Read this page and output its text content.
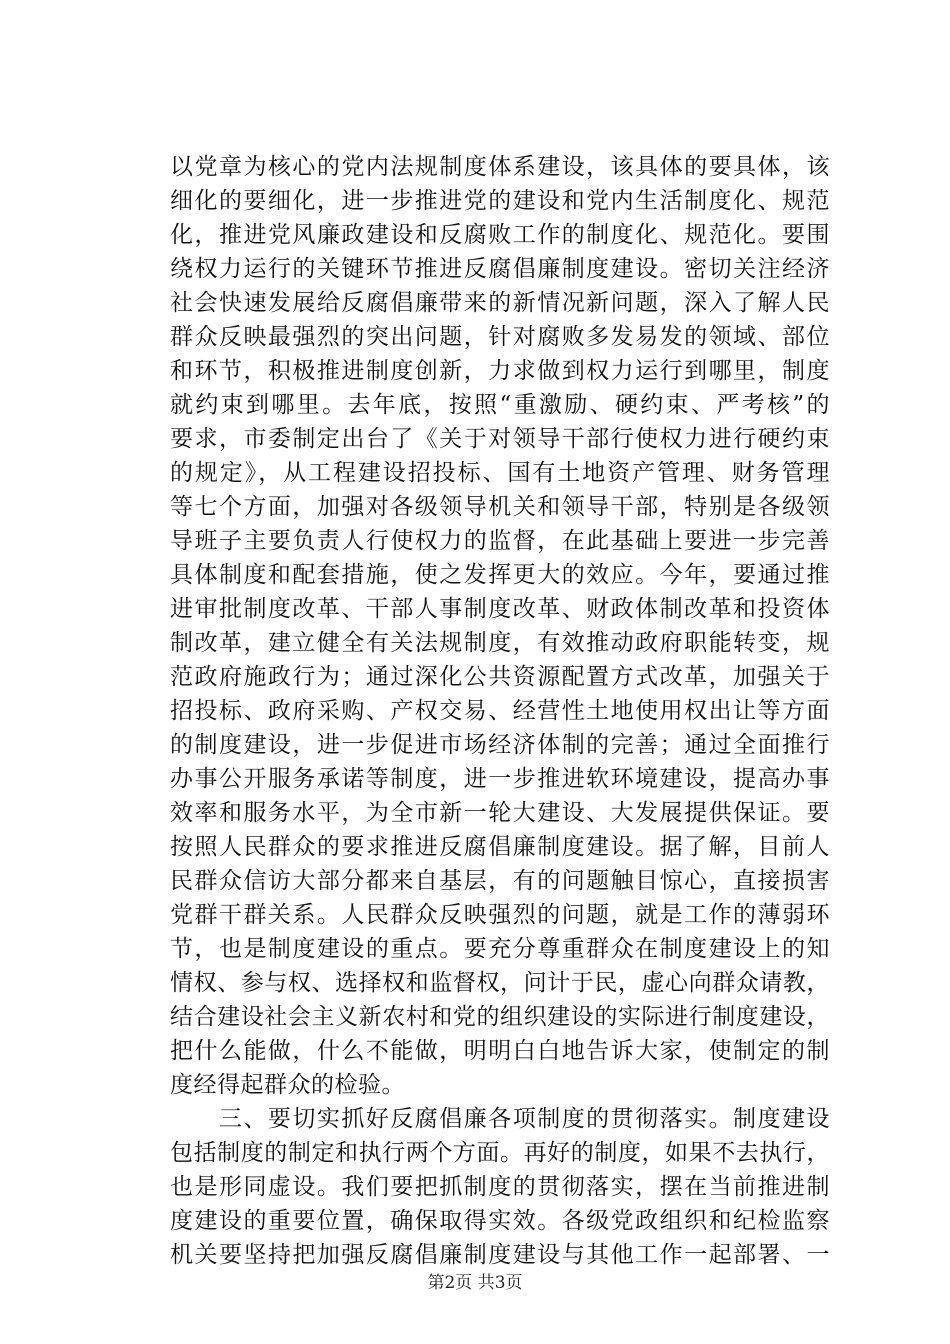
以党章为核心的党内法规制度体系建设，该具体的要具体，该
细化的要细化，进一步推进党的建设和党内生活制度化、规范
化，推进党风廉政建设和反腐败工作的制度化、规范化。要围
绕权力运行的关键环节推进反腐倡廉制度建设。密切关注经济
社会快速发展给反腐倡廉带来的新情况新问题，深入了解人民
群众反映最强烈的突出问题，针对腐败多发易发的领域、部位
和环节，积极推进制度创新，力求做到权力运行到哪里，制度
就约束到哪里。去年底，按照“重激励、硬约束、严考核”的
要求，市委制定出台了《关于对领导干部行使权力进行硬约束
的规定》，从工程建设招投标、国有土地资产管理、财务管理
等七个方面，加强对各级领导机关和领导干部，特别是各级领
导班子主要负责人行使权力的监督，在此基础上要进一步完善
具体制度和配套措施，使之发挥更大的效应。今年，要通过推
进审批制度改革、干部人事制度改革、财政体制改革和投资体
制改革，建立健全有关法规制度，有效推动政府职能转变，规
范政府施政行为；通过深化公共资源配置方式改革，加强关于
招投标、政府采购、产权交易、经营性土地使用权出让等方面
的制度建设，进一步促进市场经济体制的完善；通过全面推行
办事公开服务承诺等制度，进一步推进软环境建设，提高办事
效率和服务水平，为全市新一轮大建设、大发展提供保证。要
按照人民群众的要求推进反腐倡廉制度建设。据了解，目前人
民群众信访大部分都来自基层，有的问题触目惊心，直接损害
党群干群关系。人民群众反映强烈的问题，就是工作的薄弱环
节，也是制度建设的重点。要充分尊重群众在制度建设上的知
情权、参与权、选择权和监督权，问计于民，虚心向群众请教，
结合建设社会主义新农村和党的组织建设的实际进行制度建设，
把什么能做，什么不能做，明明白白地告诉大家，使制定的制
度经得起群众的检验。
　　三、要切实抓好反腐倡廉各项制度的贯彻落实。制度建设
包括制度的制定和执行两个方面。再好的制度，如果不去执行，
也是形同虚设。我们要把抓制度的贯彻落实，摆在当前推进制
度建设的重要位置，确保取得实效。各级党政组织和纪检监察
机关要坚持把加强反腐倡廉制度建设与其他工作一起部署、一
第2页 共3页
